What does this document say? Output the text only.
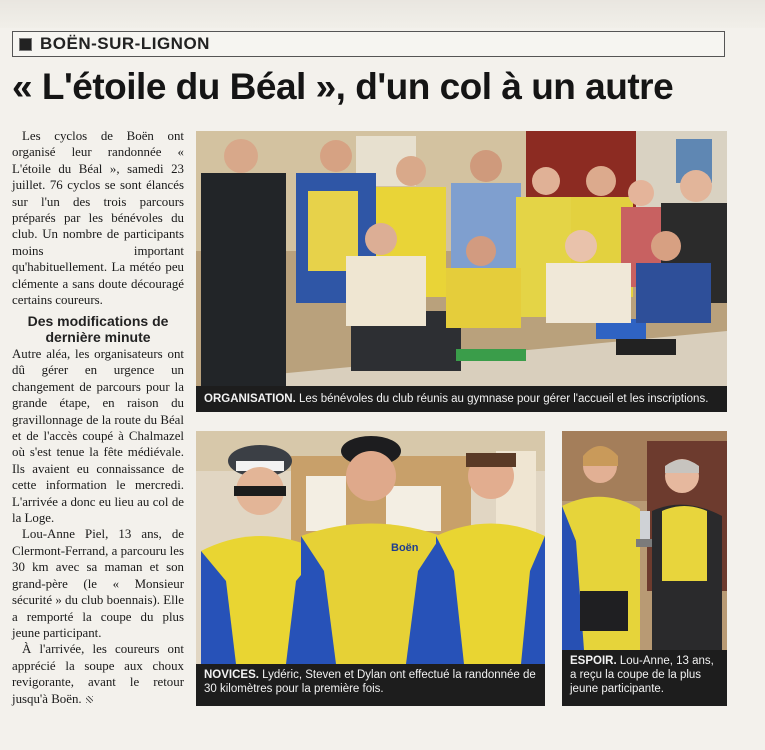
BOËN-SUR-LIGNON
« L'étoile du Béal », d'un col à un autre

Les cyclos de Boën ont organisé leur randonnée « L'étoile du Béal », samedi 23 juillet. 76 cyclos se sont élancés sur l'un des trois parcours préparés par les bénévoles du club. Un nombre de participants moins important qu'habituellement. La météo peu clémente a sans doute découragé certains coureurs.

Des modifications de dernière minute

Autre aléa, les organisateurs ont dû gérer en urgence un changement de parcours pour la grande étape, en raison du gravillonnage de la route du Béal et de l'accès coupé à Chalmazel où s'est tenue la fête médiévale. Ils avaient eu connaissance de cette information le mercredi. L'arrivée a donc eu lieu au col de la Loge.

Lou-Anne Piel, 13 ans, de Clermont-Ferrand, a parcouru les 30 km avec sa maman et son grand-père (le « Monsieur sécurité » du club boennais). Elle a remporté la coupe du plus jeune participant.

À l'arrivée, les coureurs ont apprécié la soupe aux choux revigorante, avant le retour jusqu'à Boën.

ORGANISATION. Les bénévoles du club réunis au gymnase pour gérer l'accueil et les inscriptions.
Boën
NOVICES. Lydéric, Steven et Dylan ont effectué la randonnée de 30 kilomètres pour la première fois.
ESPOIR. Lou-Anne, 13 ans, a reçu la coupe de la plus jeune participante.
